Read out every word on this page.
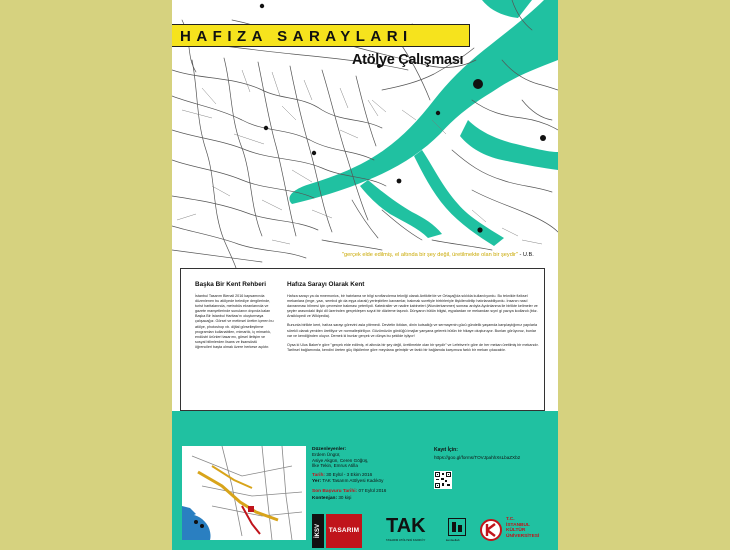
HAFIZA SARAYLARI
Atölye Çalışması
"gerçek elde edilmiş, el altında bir şey değil, üretilmekte olan bir şeydir" - U.B.
Başka Bir Kent Rehberi
İstanbul Tasarım Bienali 2016 kapsamında düzenlenen bu atölyede belediye dergilerinde, turist haritalarında, metrobüs ekranlarında ve gazete manşetlerinde sunulanın dışında kalan Başka Bir İstanbul Haritası'nı oluşturmaya çalışacağız. Görsel ve metinsel üretim içeren bu atölye, photoshop vb. dijital görselleştirme programları kullanabilen, mimarlık, iç mimarlık, endüstri ürünleri tasarımı, görsel iletişim ve sosyal bilimlerden lisans ve lisansüstü öğrencileri başta olmak üzere herkese açıktır.
Hafıza Sarayı Olarak Kent
Hafıza sarayı ya da mnemonics, bir hatırlama ve bilgi sınıflandırma tekniği olarak Antikite'de ve Ortaçağ'da sıklıkla kullanılıyordu. Bu teknikle fiziksel mekanlara (imge, yazı, sembol gb da eşya olarak) yerleştirilen kavramlar, bakmak suretiyle birbirleriyle ilişkilendirilip hatırlanabiliyordu. İnsanın nasıl davranması bilmesi için çevresine bakması yeterliydi. Katedraller ve nadire kabineleri (Wunderkammer) sonrası ardıyla Aydınlanma ile birlikte kelimeler ve şeyler arasındaki ilişki dil üzerinden gerçekleşen soyut bir düzleme taşındı. Dünyanın bütün bilgisi, eşyalardan ve mekandan sıyrıl gi yazıya kodlandı (bkz. Ansiklopedi ve Wikipedia).
Bununla birlikte kent, hafıza sarayı görevini asla yitirmedi. Devletin iktidarı, dinin kutsallığı ve sermayenin gücü gündelik yaşamda karşılaştığımız yapılarla sürekli olarak yeniden üretiliyor ve normalleştiriliyor. Gözümüzün gördüğü imajlar yanyana gelerek bütün bir hikaye oluşturuyor. Bunları görüyoruz, bunlar var ve kendiğinden oluyor. Demek ki bunlar gerçek ve dünya bu şekilde işliyor!
Oysa ki Ulus Baker'e göre "gerçek elde edilmiş, el altında bir şey değil, üretilmekte olan bir şeydir" ve Lefebvre'e göre de her mekan üretilmiş bir mekandır. Tarihsel bağlamında, kendini üreten güç ilişkilerine göre meydana gelmiştir ve farklı bir bağlamda karşımıza farklı bir mekan çıkacaktır.
Düzenleyenler:
Erdem Üngür,
Asiye Akgün, Ceren Göğüş,
İlke Tekin, Emrus Atilla
Tarih: 30 Eylül - 3 Ekim 2016
Yer: TAK Tasarım Atölyesi Kadıköy
Son Başvuru Tarihi: 07 Eylül 2016
Kontenjan: 30 kişi
Kayıt İçin:
https://goo.gl/forms/TOVJpahhXsLbaZXb2
İKSV	TASARIM TAK
TASARIM ATÖLYESİ KADIKÖY	kentsellab
T.C.
İSTANBUL
KÜLTÜR
ÜNİVERSİTESİ
